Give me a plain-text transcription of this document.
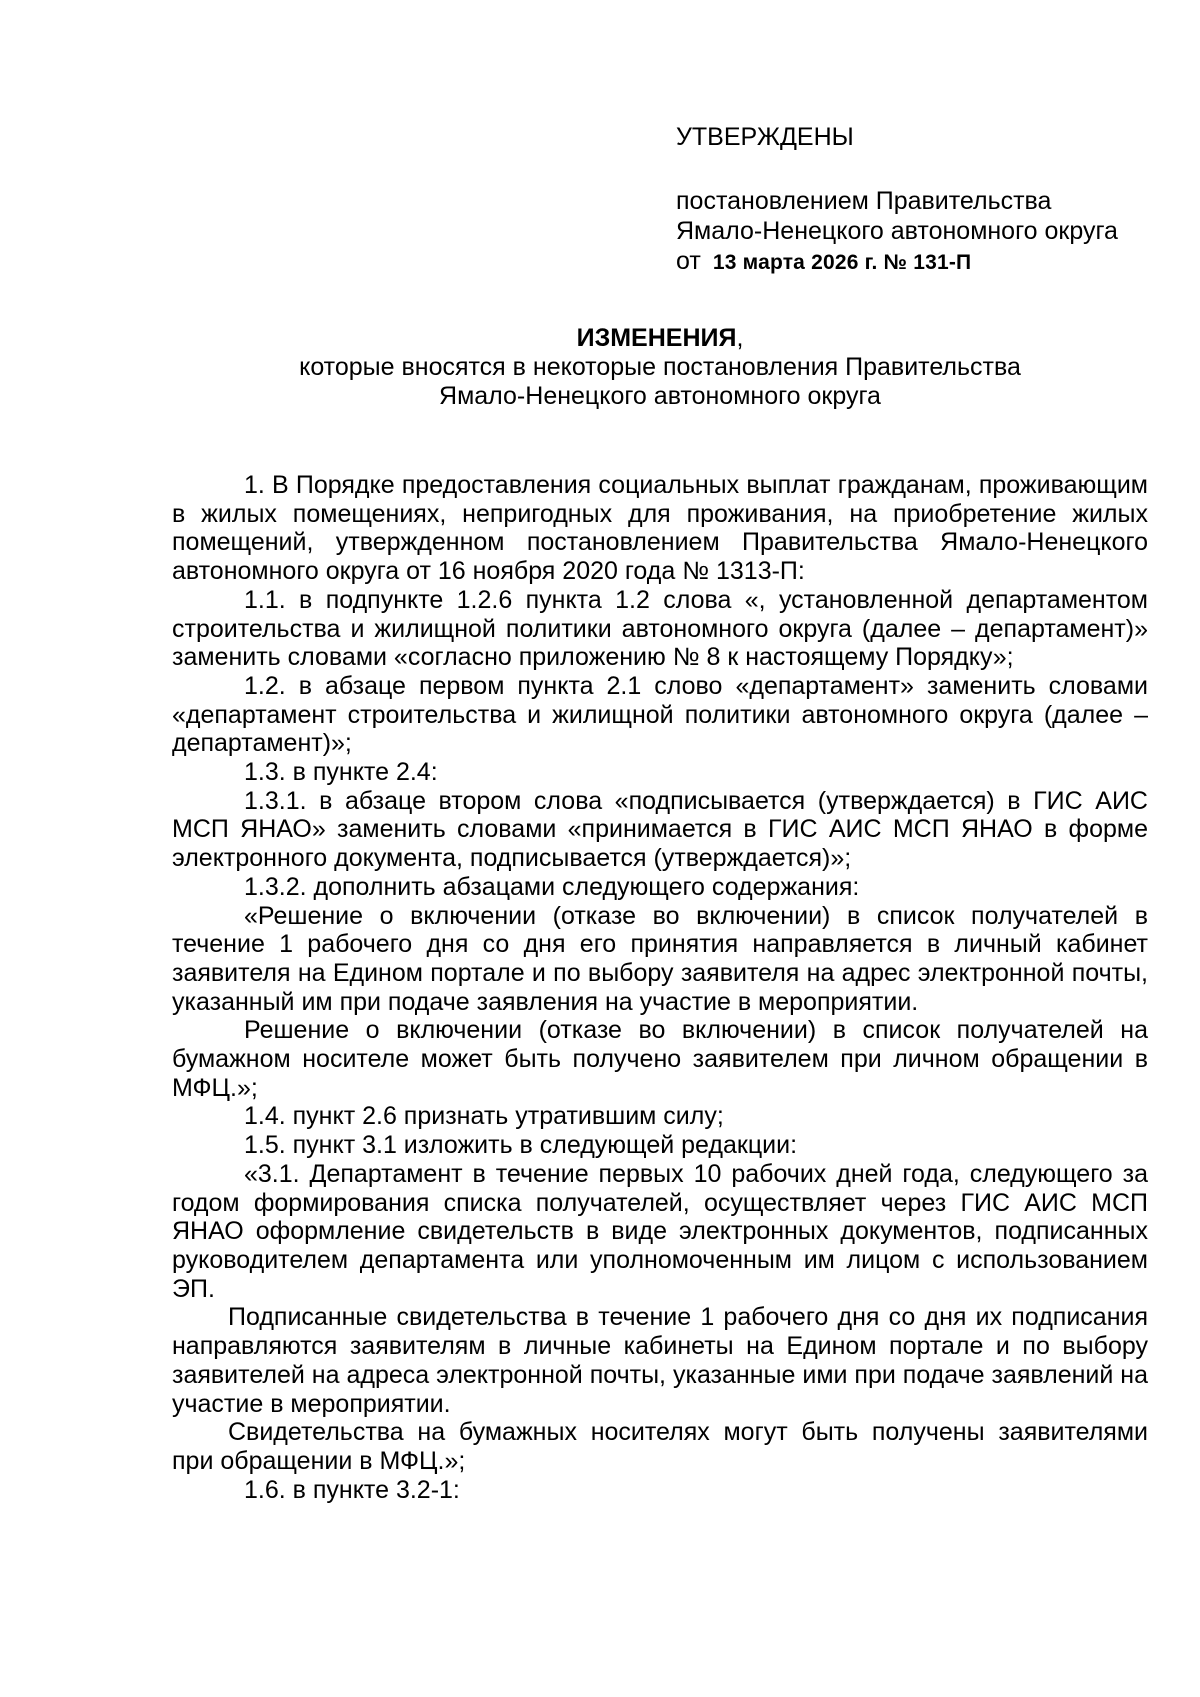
УТВЕРЖДЕНЫ

постановлением Правительства

Ямало-Ненецкого автономного округа

от 13 марта 2026 г. № 131-П

ИЗМЕНЕНИЯ,

которые вносятся в некоторые постановления Правительства

Ямало-Ненецкого автономного округа

1. В Порядке предоставления социальных выплат гражданам, проживающим в жилых помещениях, непригодных для проживания, на приобретение жилых помещений, утвержденном постановлением Правительства Ямало-Ненецкого автономного округа от 16 ноября 2020 года № 1313-П:

1.1. в подпункте 1.2.6 пункта 1.2 слова «, установленной департаментом строительства и жилищной политики автономного округа (далее – департамент)» заменить словами «согласно приложению № 8 к настоящему Порядку»;

1.2. в абзаце первом пункта 2.1 слово «департамент» заменить словами «департамент строительства и жилищной политики автономного округа (далее – департамент)»;

1.3. в пункте 2.4:

1.3.1. в абзаце втором слова «подписывается (утверждается) в ГИС АИС МСП ЯНАО» заменить словами «принимается в ГИС АИС МСП ЯНАО в форме электронного документа, подписывается (утверждается)»;

1.3.2. дополнить абзацами следующего содержания:

«Решение о включении (отказе во включении) в список получателей в течение 1 рабочего дня со дня его принятия направляется в личный кабинет заявителя на Едином портале и по выбору заявителя на адрес электронной почты, указанный им при подаче заявления на участие в мероприятии.

Решение о включении (отказе во включении) в список получателей на бумажном носителе может быть получено заявителем при личном обращении в МФЦ.»;

1.4. пункт 2.6 признать утратившим силу;

1.5. пункт 3.1 изложить в следующей редакции:

«3.1. Департамент в течение первых 10 рабочих дней года, следующего за годом формирования списка получателей, осуществляет через ГИС АИС МСП ЯНАО оформление свидетельств в виде электронных документов, подписанных руководителем департамента или уполномоченным им лицом с использованием ЭП.

Подписанные свидетельства в течение 1 рабочего дня со дня их подписания направляются заявителям в личные кабинеты на Едином портале и по выбору заявителей на адреса электронной почты, указанные ими при подаче заявлений на участие в мероприятии.

Свидетельства на бумажных носителях могут быть получены заявителями при обращении в МФЦ.»;

1.6. в пункте 3.2-1:
